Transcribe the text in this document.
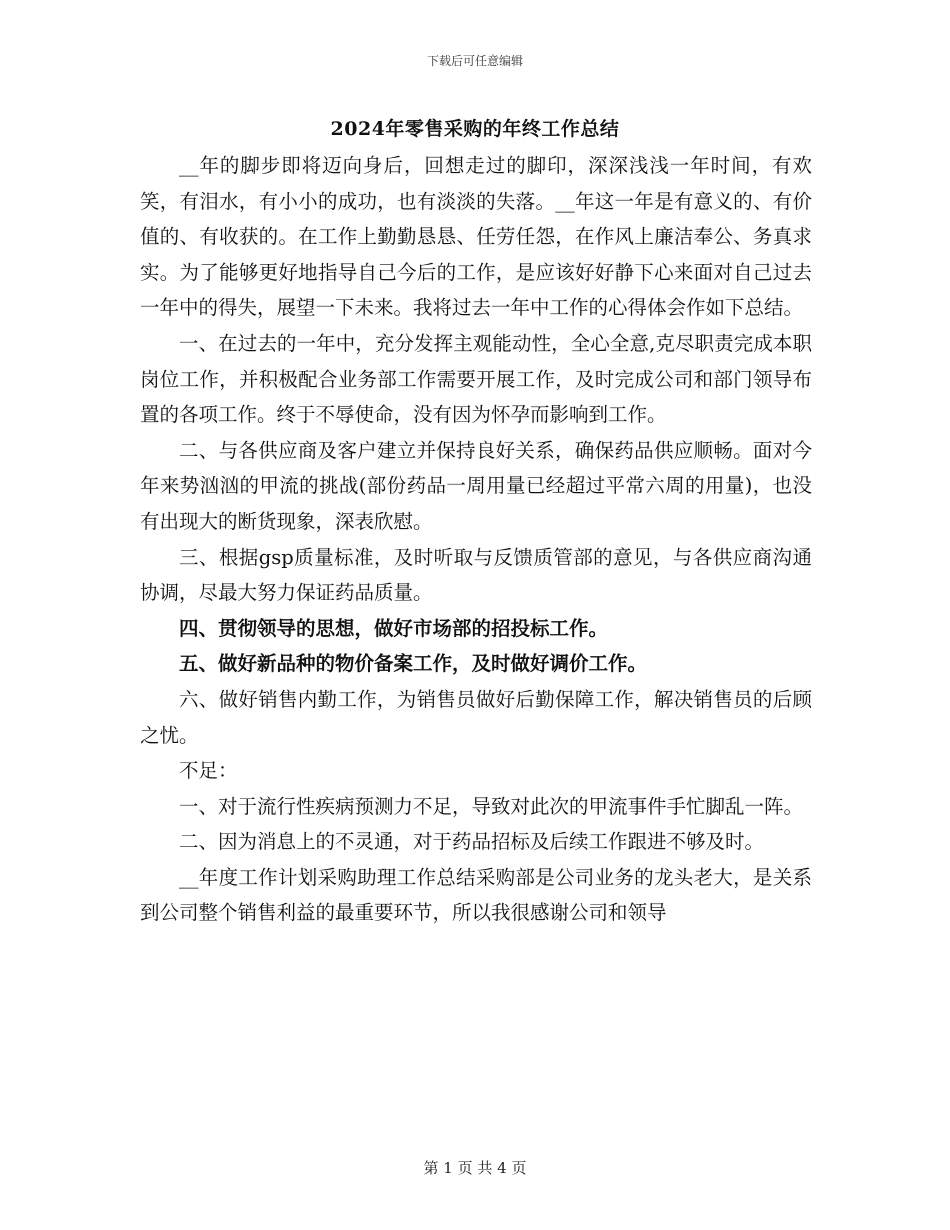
下载后可任意编辑
2024年零售采购的年终工作总结

__年的脚步即将迈向身后，回想走过的脚印，深深浅浅一年时间，有欢笑，有泪水，有小小的成功，也有淡淡的失落。__年这一年是有意义的、有价值的、有收获的。在工作上勤勤恳恳、任劳任怨，在作风上廉洁奉公、务真求实。为了能够更好地指导自己今后的工作，是应该好好静下心来面对自己过去一年中的得失，展望一下未来。我将过去一年中工作的心得体会作如下总结。

一、在过去的一年中，充分发挥主观能动性，全心全意,克尽职责完成本职岗位工作，并积极配合业务部工作需要开展工作，及时完成公司和部门领导布置的各项工作。终于不辱使命，没有因为怀孕而影响到工作。

二、与各供应商及客户建立并保持良好关系，确保药品供应顺畅。面对今年来势汹汹的甲流的挑战(部份药品一周用量已经超过平常六周的用量)，也没有出现大的断货现象，深表欣慰。

三、根据gsp质量标准，及时听取与反馈质管部的意见，与各供应商沟通协调，尽最大努力保证药品质量。

四、贯彻领导的思想，做好市场部的招投标工作。

五、做好新品种的物价备案工作，及时做好调价工作。

六、做好销售内勤工作，为销售员做好后勤保障工作，解决销售员的后顾之忧。

不足：

一、对于流行性疾病预测力不足，导致对此次的甲流事件手忙脚乱一阵。

二、因为消息上的不灵通，对于药品招标及后续工作跟进不够及时。

__年度工作计划采购助理工作总结采购部是公司业务的龙头老大，是关系到公司整个销售利益的最重要环节，所以我很感谢公司和领导

第 1 页 共 4 页
